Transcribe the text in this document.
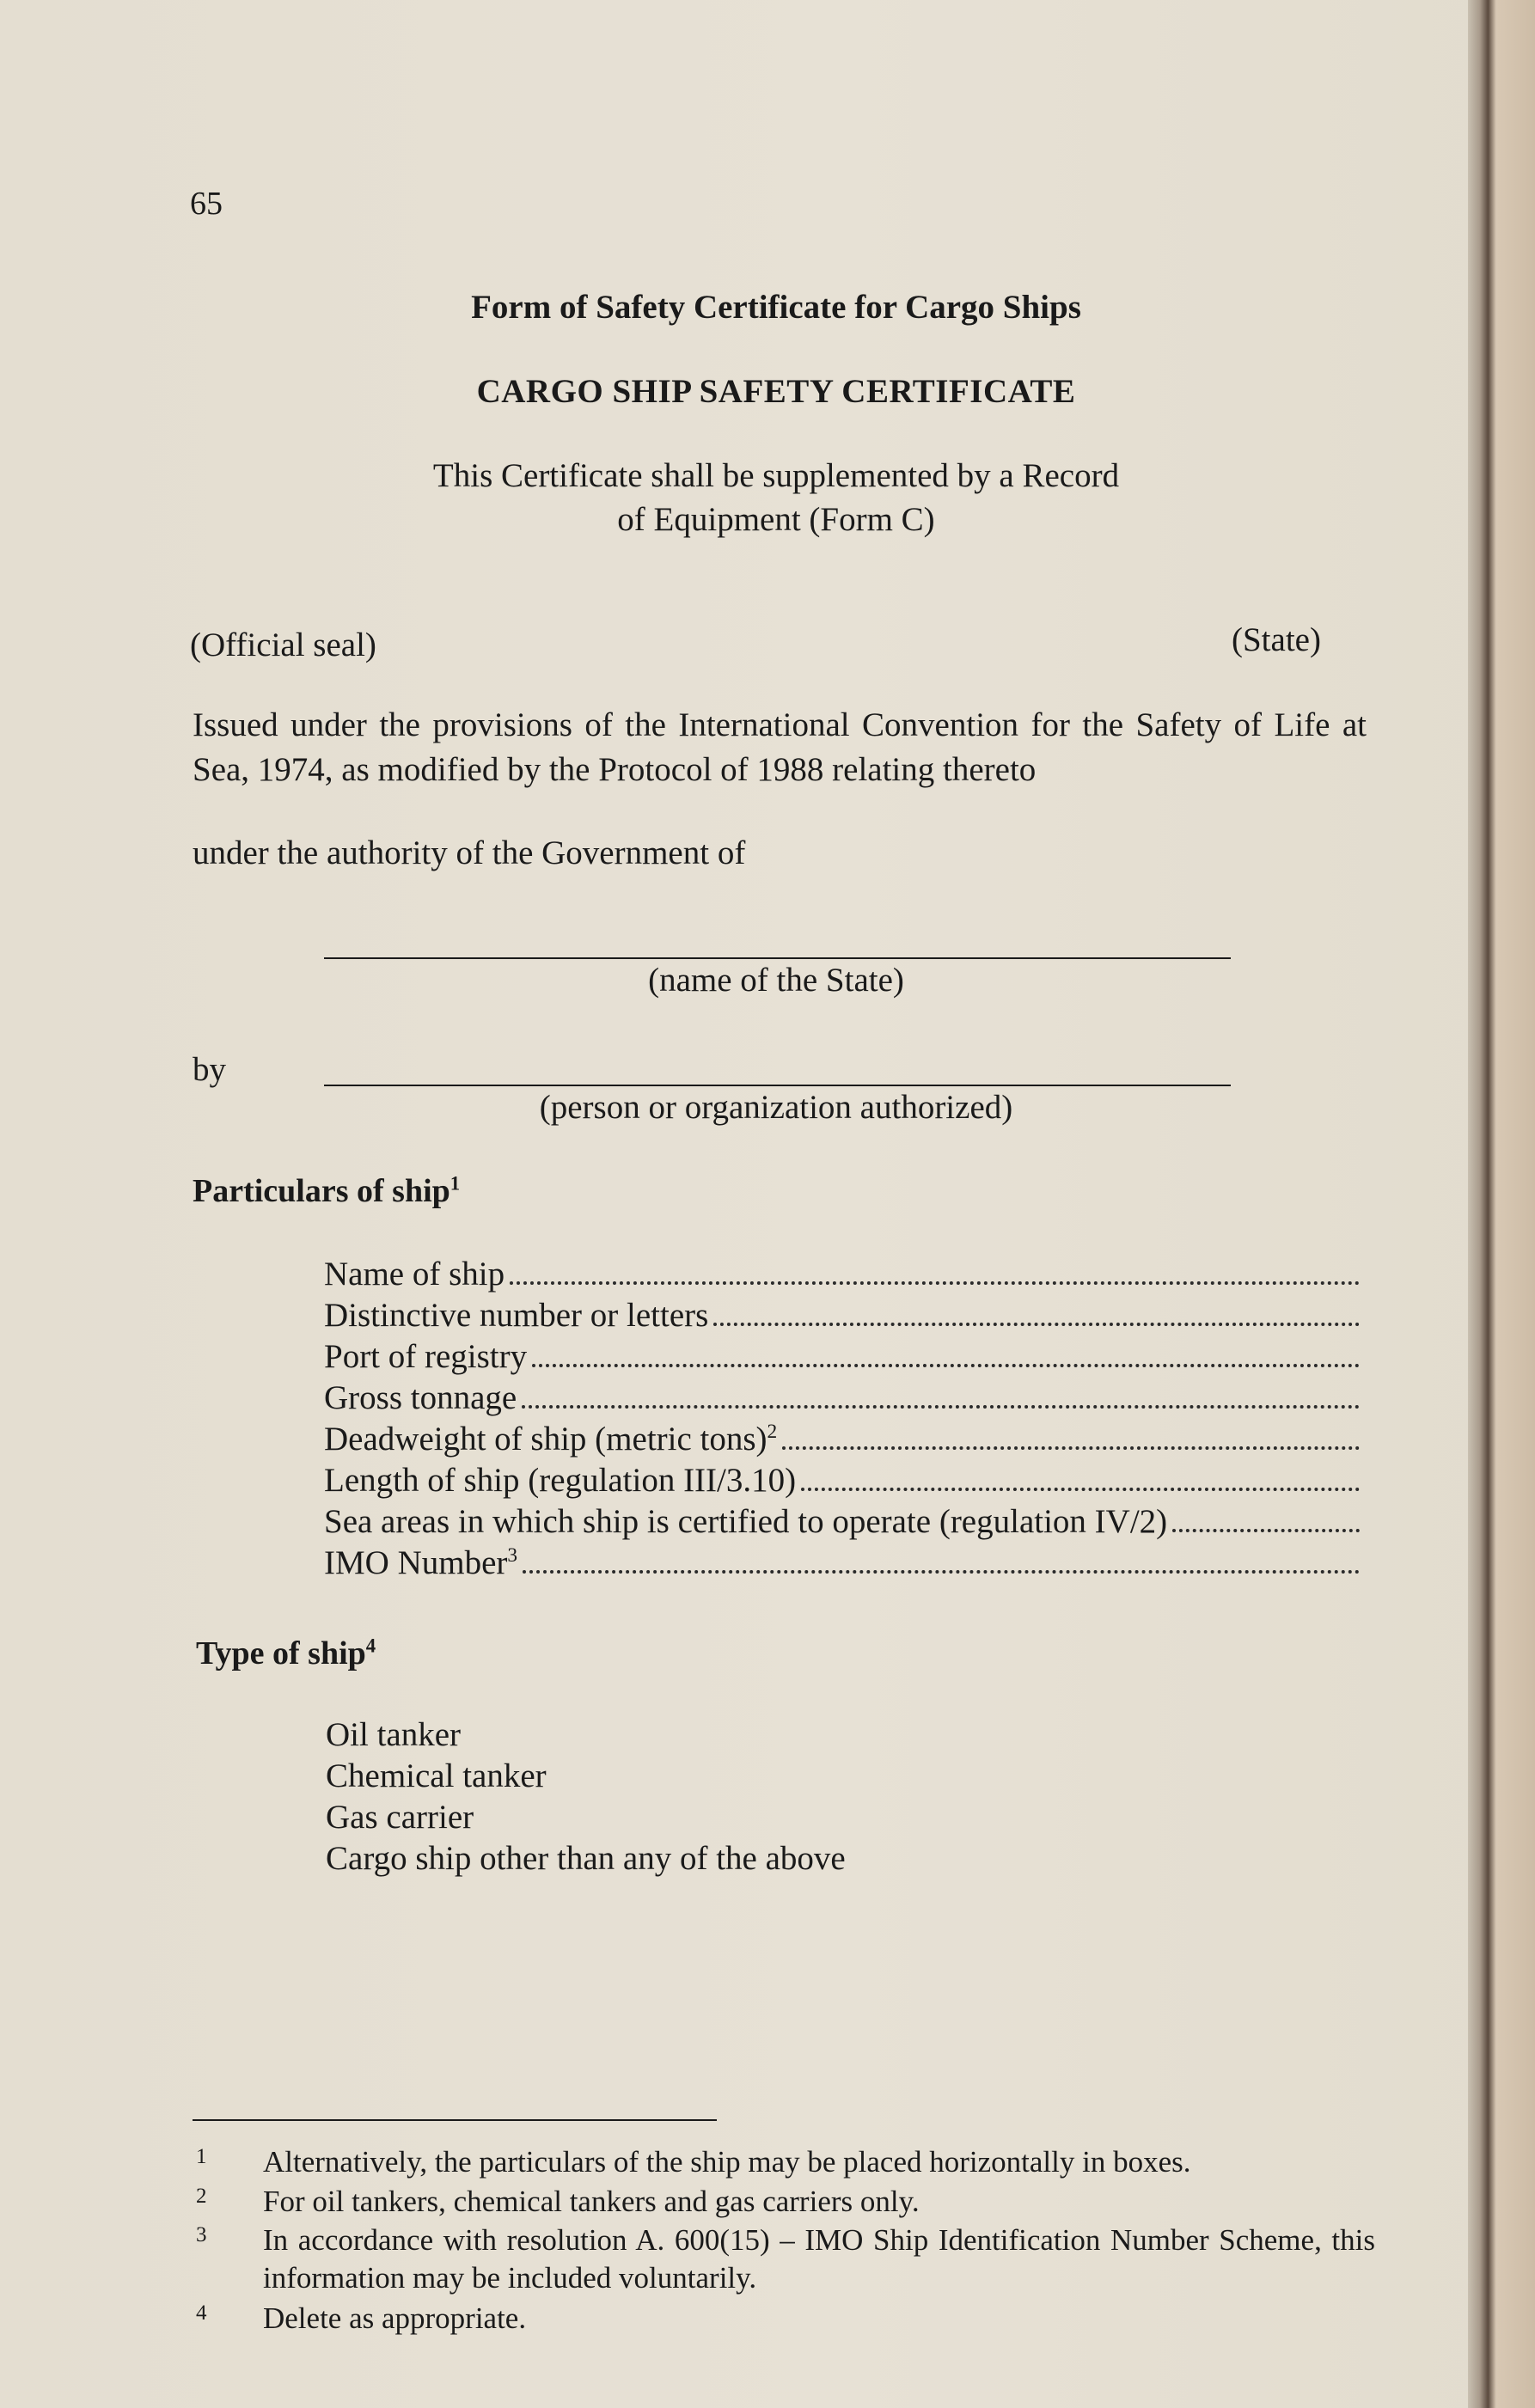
65
Form of Safety Certificate for Cargo Ships
CARGO SHIP SAFETY CERTIFICATE
This Certificate shall be supplemented by a Record
of Equipment (Form C)
(Official seal)	(State)
Issued under the provisions of the International Convention for the Safety of Life at Sea, 1974, as modified by the Protocol of 1988 relating thereto
under the authority of the Government of
(name of the State)
by
(person or organization authorized)
Particulars of ship$^1$
Name of ship
Distinctive number or letters
Port of registry
Gross tonnage
Deadweight of ship (metric tons)$^2$
Length of ship (regulation III/3.10)
Sea areas in which ship is certified to operate (regulation IV/2)
IMO Number$^3$
Type of ship$^4$
Oil tanker
Chemical tanker
Gas carrier
Cargo ship other than any of the above
1 Alternatively, the particulars of the ship may be placed horizontally in boxes.
2 For oil tankers, chemical tankers and gas carriers only.
3 In accordance with resolution A. 600(15) – IMO Ship Identification Number Scheme, this information may be included voluntarily.
4 Delete as appropriate.
